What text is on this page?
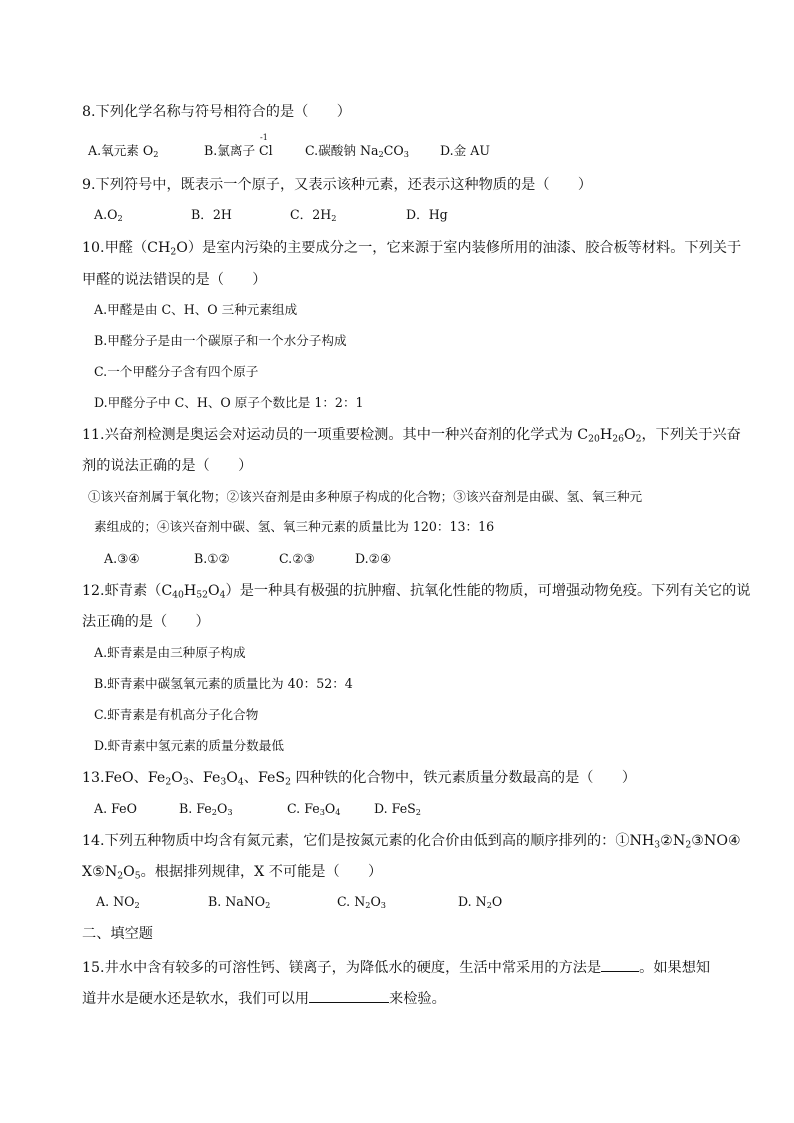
8.下列化学名称与符号相符合的是（　　）
A.氧元素 $O_2$	B.氯离子
-1
Cl	C.碳酸钠 $Na_2CO_3$ D.金 AU
9.下列符号中，既表示一个原子，又表示该种元素，还表示这种物质的是（　　）
$A.O_2$	B．2H	C．$2H_2$	D．Hg
10.甲醛$(CH_2O)$是室内污染的主要成分之一，它来源于室内装修所用的油漆、胶合板等材料。下列关于
甲醛的说法错误的是（　　）
A.甲醛是由 C、H、O 三种元素组成
B.甲醛分子是由一个碳原子和一个水分子构成
C.一个甲醛分子含有四个原子
D.甲醛分子中 C、H、O 原子个数比是 1：2：1
11.兴奋剂检测是奥运会对运动员的一项重要检测。其中一种兴奋剂的化学式为 $C_{20}H_{26}O_2$，下列关于兴奋
剂的说法正确的是（　　）
①该兴奋剂属于氧化物；②该兴奋剂是由多种原子构成的化合物；③该兴奋剂是由碳、氢、氧三种元
素组成的；④该兴奋剂中碳、氢、氧三种元素的质量比为 120：13：16
A.③④	B.①②	C.②③	D.②④
12.虾青素$(C_{40}H_{52}O_4)$是一种具有极强的抗肿瘤、抗氧化性能的物质，可增强动物免疫。下列有关它的说
法正确的是（　　）
A.虾青素是由三种原子构成
B.虾青素中碳氢氧元素的质量比为 40：52：4
C.虾青素是有机高分子化合物
D.虾青素中氢元素的质量分数最低
13.FeO、$Fe_2O_3$、$Fe_3O_4$、FeS$_2$ 四种铁的化合物中，铁元素质量分数最高的是（　　）
A. FeO	B. $Fe_2O_3$	C. $Fe_3O_4$	D. FeS$_2$
14.下列五种物质中均含有氮元素，它们是按氮元素的化合价由低到高的顺序排列的：$①NH_3②N_2③NO④$
$X⑤N_2O_5$。根据排列规律，X 不可能是（　　）
A. $NO_2$	B. NaNO$_2$	C. $N_2O_3$	D. $N_2O$
二、填空题
15.井水中含有较多的可溶性钙、镁离子，为降低水的硬度，生活中常采用的方法是	。如果想知
道井水是硬水还是软水，我们可以用	来检验。
